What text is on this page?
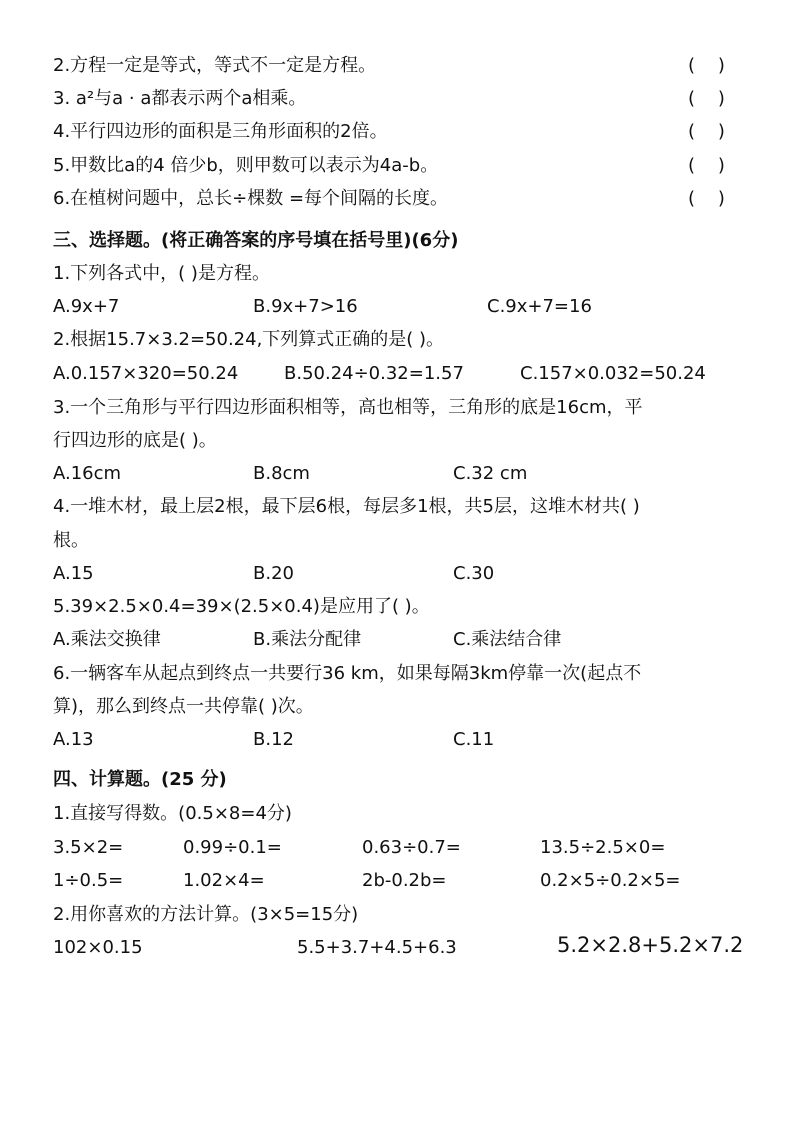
2.方程一定是等式，等式不一定是方程。	(    )
3. a²与a · a都表示两个a相乘。	(    )
4.平行四边形的面积是三角形面积的2倍。	(    )
5.甲数比a的4 倍少b，则甲数可以表示为4a-b。	(    )
6.在植树问题中，总长÷棵数 =每个间隔的长度。	(    )
三、选择题。(将正确答案的序号填在括号里)(6分)
1.下列各式中，( )是方程。
A.9x+7	B.9x+7>16	C.9x+7=16
2.根据15.7×3.2=50.24,下列算式正确的是( )。
A.0.157×320=50.24	B.50.24÷0.32=1.57	C.157×0.032=50.24
3.一个三角形与平行四边形面积相等，高也相等，三角形的底是16cm，平
行四边形的底是( )。
A.16cm	B.8cm	C.32 cm
4.一堆木材，最上层2根，最下层6根，每层多1根，共5层，这堆木材共( )
根。
A.15	B.20	C.30
5.39×2.5×0.4=39×(2.5×0.4)是应用了( )。
A.乘法交换律	B.乘法分配律	C.乘法结合律
6.一辆客车从起点到终点一共要行36 km，如果每隔3km停靠一次(起点不
算)，那么到终点一共停靠( )次。
A.13	B.12	C.11
四、计算题。(25 分)
1.直接写得数。(0.5×8=4分)
3.5×2=	0.99÷0.1=	0.63÷0.7=	13.5÷2.5×0=
1÷0.5=	1.02×4=	2b-0.2b=	0.2×5÷0.2×5=
2.用你喜欢的方法计算。(3×5=15分)
102×0.15	5.5+3.7+4.5+6.3	5.2×2.8+5.2×7.2
